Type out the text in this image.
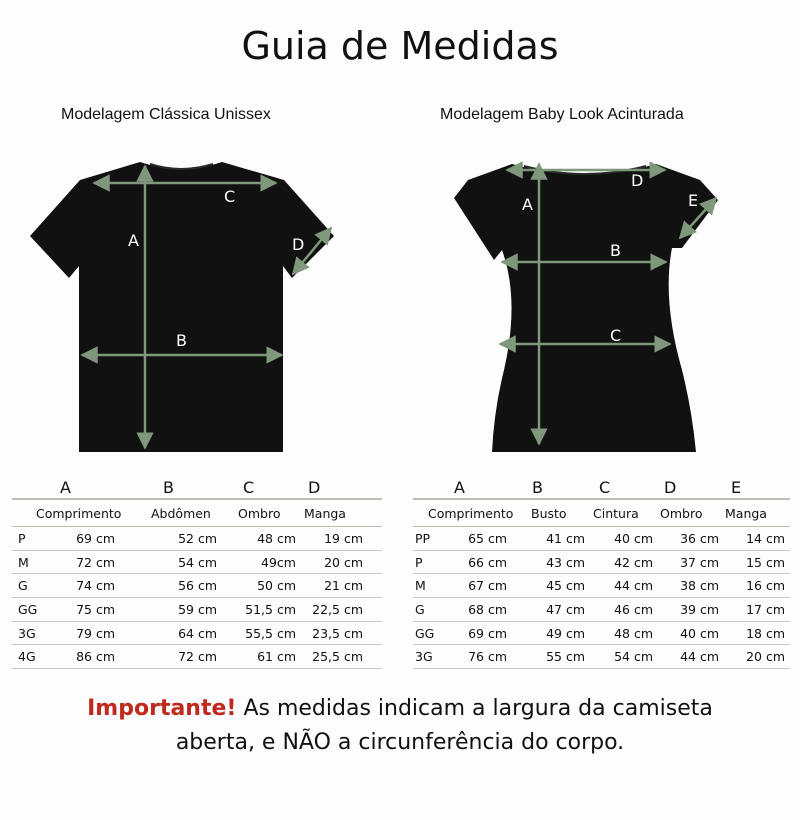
Guia de Medidas
Modelagem Clássica Unissex	Modelagem Baby Look Acinturada
A
B
C
D
A
B
C
D
E
A	B	C	D
Comprimento Abdômen Ombro Manga
P	69 cm	52 cm	48 cm 19 cm
M	72 cm	54 cm	49cm 20 cm
G	74 cm	56 cm	50 cm 21 cm
GG	75 cm	59 cm 51,5 cm 22,5 cm
3G	79 cm	64 cm 55,5 cm 23,5 cm
4G	86 cm	72 cm	61 cm 25,5 cm
A	B	C	D	E
Comprimento Busto Cintura Ombro Manga
PP	65 cm	41 cm 40 cm 36 cm 14 cm
P	66 cm	43 cm 42 cm 37 cm 15 cm
M	67 cm	45 cm 44 cm 38 cm 16 cm
G	68 cm	47 cm 46 cm 39 cm 17 cm
GG	69 cm	49 cm 48 cm 40 cm 18 cm
3G	76 cm	55 cm 54 cm 44 cm 20 cm
Importante! As medidas indicam a largura da camiseta
aberta, e NÃO a circunferência do corpo.
